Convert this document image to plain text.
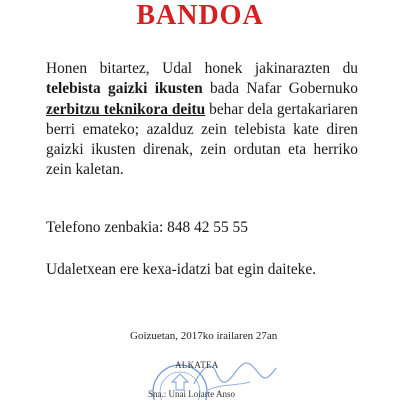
BANDOA
Honen bitartez, Udal honek jakinarazten du telebista gaizki ikusten bada Nafar Gobernuko zerbitzu teknikora deitu behar dela gertakariaren berri emateko; azalduz zein telebista kate diren gaizki ikusten direnak, zein ordutan eta herriko zein kaletan.
Telefono zenbakia: 848 42 55 55
Udaletxean ere kexa-idatzi bat egin daiteke.
Goizuetan, 2017ko irailaren 27an
ALKATEA
Sna.: Unai Loiarte Anso
